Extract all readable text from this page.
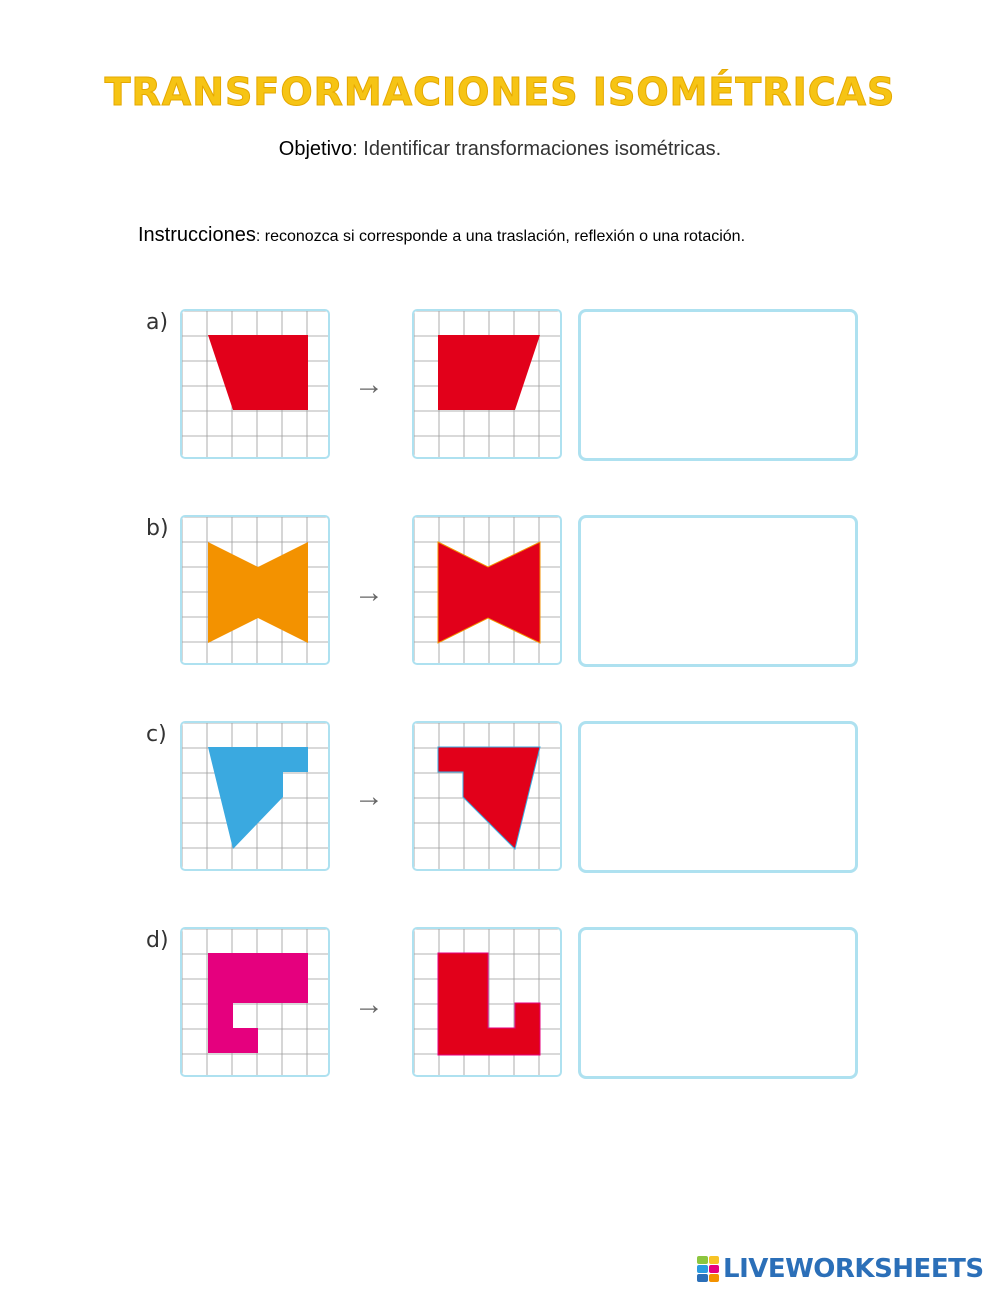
TRANSFORMACIONES ISOMÉTRICAS
Objetivo: Identificar transformaciones isométricas.
Instrucciones: reconozca si corresponde a una traslación, reflexión o una rotación.
a)
→
b)
→
c)
→
d)
→
LIVEWORKSHEETS
